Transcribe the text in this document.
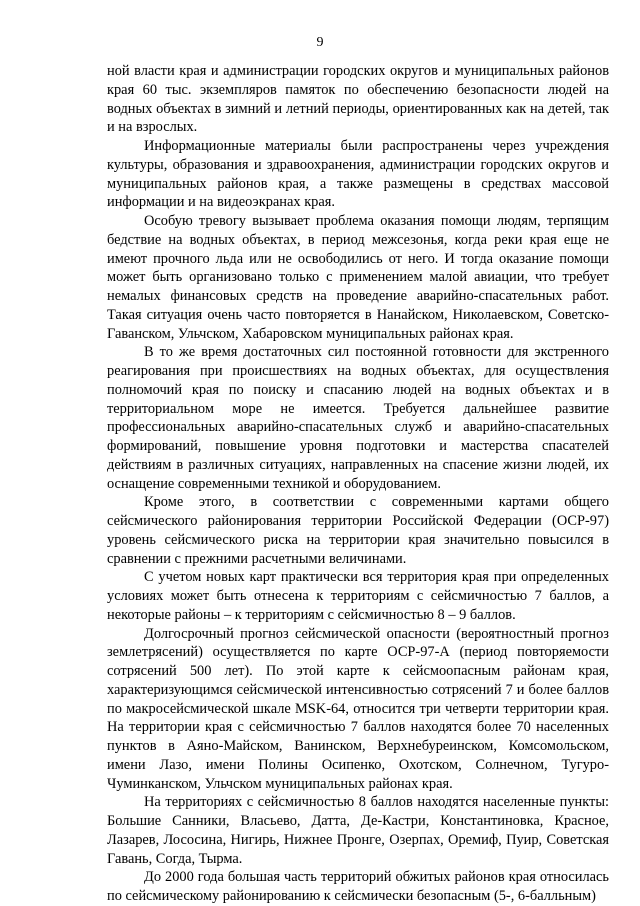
9

ной власти края и администрации городских округов и муниципальных районов края 60 тыс. экземпляров памяток по обеспечению безопасности людей на водных объектах в зимний и летний периоды, ориентированных как на детей, так и на взрослых.

Информационные материалы были распространены через учреждения культуры, образования и здравоохранения, администрации городских округов и муниципальных районов края, а также размещены в средствах массовой информации и на видеоэкранах края.

Особую тревогу вызывает проблема оказания помощи людям, терпящим бедствие на водных объектах, в период межсезонья, когда реки края еще не имеют прочного льда или не освободились от него. И тогда оказание помощи может быть организовано только с применением малой авиации, что требует немалых финансовых средств на проведение аварийно-спасательных работ. Такая ситуация очень часто повторяется в Нанайском, Николаевском, Советско-Гаванском, Ульчском, Хабаровском муниципальных районах края.

В то же время достаточных сил постоянной готовности для экстренного реагирования при происшествиях на водных объектах, для осуществления полномочий края по поиску и спасанию людей на водных объектах и в территориальном море не имеется. Требуется дальнейшее развитие профессиональных аварийно-спасательных служб и аварийно-спасательных формирований, повышение уровня подготовки и мастерства спасателей действиям в различных ситуациях, направленных на спасение жизни людей, их оснащение современными техникой и оборудованием.

Кроме этого, в соответствии с современными картами общего сейсмического районирования территории Российской Федерации (ОСР-97) уровень сейсмического риска на территории края значительно повысился в сравнении с прежними расчетными величинами.

С учетом новых карт практически вся территория края при определенных условиях может быть отнесена к территориям с сейсмичностью 7 баллов, а некоторые районы – к территориям с сейсмичностью 8 – 9 баллов.

Долгосрочный прогноз сейсмической опасности (вероятностный прогноз землетрясений) осуществляется по карте ОСР-97-А (период повторяемости сотрясений 500 лет). По этой карте к сейсмоопасным районам края, характеризующимся сейсмической интенсивностью сотрясений 7 и более баллов по макросейсмической шкале MSK-64, относится три четверти территории края. На территории края с сейсмичностью 7 баллов находятся более 70 населенных пунктов в Аяно-Майском, Ванинском, Верхнебуреинском, Комсомольском, имени Лазо, имени Полины Осипенко, Охотском, Солнечном, Тугуро-Чуминканском, Ульчском муниципальных районах края.

На территориях с сейсмичностью 8 баллов находятся населенные пункты: Большие Санники, Власьево, Датта, Де-Кастри, Константиновка, Красное, Лазарев, Лососина, Нигирь, Нижнее Пронге, Озерпах, Оремиф, Пуир, Советская Гавань, Согда, Тырма.

До 2000 года большая часть территорий обжитых районов края относилась по сейсмическому районированию к сейсмически безопасным (5-, 6-балльным)
